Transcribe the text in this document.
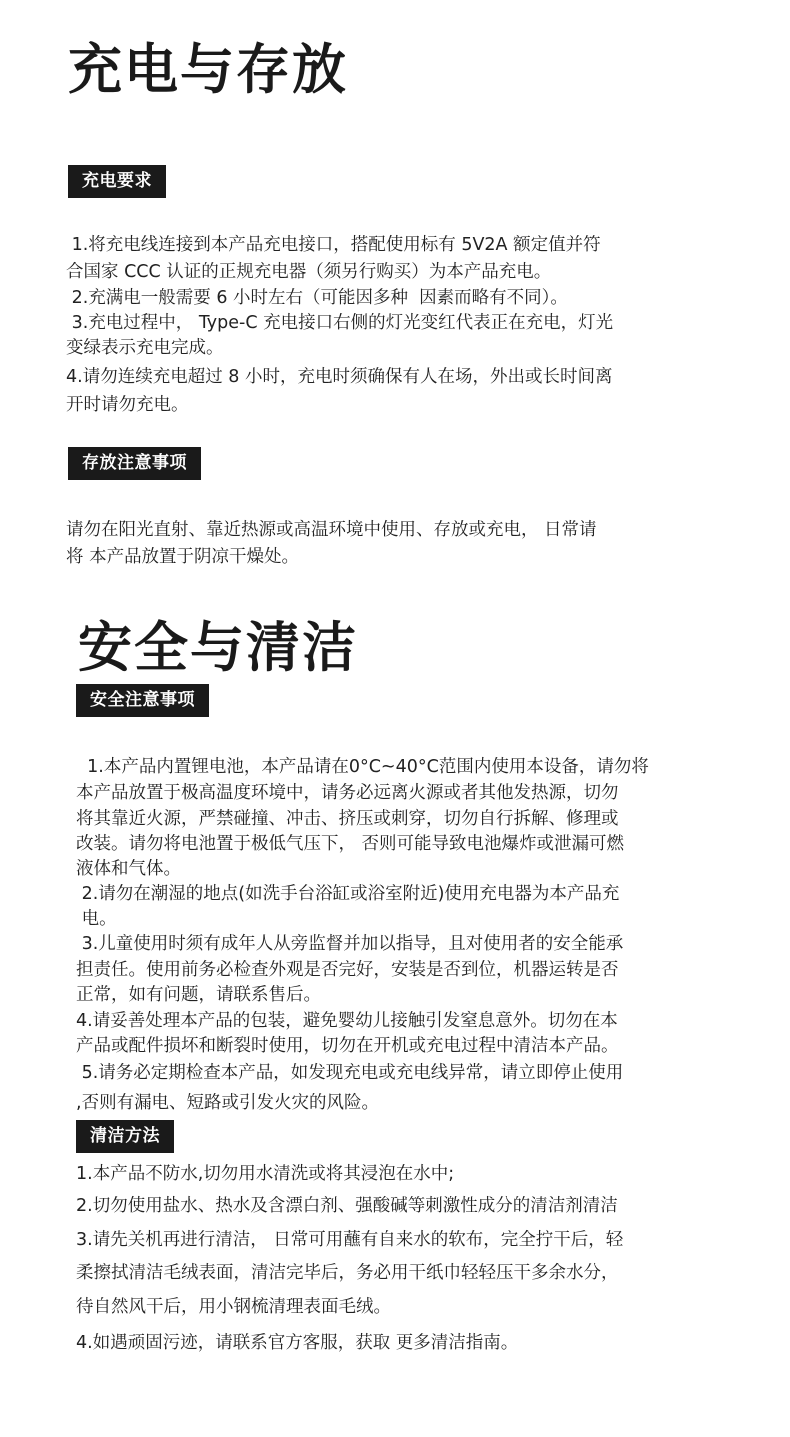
充电与存放
充电要求

1.将充电线连接到本产品充电接口，搭配使用标有 5V2A 额定值并符

合国家 CCC 认证的正规充电器（须另行购买）为本产品充电。

2.充满电一般需要 6 小时左右（可能因多种  因素而略有不同）。

3.充电过程中， Type-C 充电接口右侧的灯光变红代表正在充电，灯光

变绿表示充电完成。

4.请勿连续充电超过 8 小时，充电时须确保有人在场，外出或长时间离

开时请勿充电。

存放注意事项

请勿在阳光直射、靠近热源或高温环境中使用、存放或充电， 日常请

将 本产品放置于阴凉干燥处。

安全与清洁
安全注意事项

1.本产品内置锂电池，本产品请在0°C~40°C范围内使用本设备，请勿将

本产品放置于极高温度环境中，请务必远离火源或者其他发热源，切勿

将其靠近火源，严禁碰撞、冲击、挤压或刺穿，切勿自行拆解、修理或

改装。请勿将电池置于极低气压下， 否则可能导致电池爆炸或泄漏可燃

液体和气体。

2.请勿在潮湿的地点(如洗手台浴缸或浴室附近)使用充电器为本产品充

电。

3.儿童使用时须有成年人从旁监督并加以指导，且对使用者的安全能承

担责任。使用前务必检查外观是否完好，安装是否到位，机器运转是否

正常，如有问题，请联系售后。

4.请妥善处理本产品的包装，避免婴幼儿接触引发窒息意外。切勿在本

产品或配件损坏和断裂时使用，切勿在开机或充电过程中清洁本产品。

5.请务必定期检查本产品，如发现充电或充电线异常，请立即停止使用

,否则有漏电、短路或引发火灾的风险。

清洁方法

1.本产品不防水,切勿用水清洗或将其浸泡在水中;

2.切勿使用盐水、热水及含漂白剂、强酸碱等刺激性成分的清洁剂清洁

3.请先关机再进行清洁， 日常可用蘸有自来水的软布，完全拧干后，轻

柔擦拭清洁毛绒表面，清洁完毕后，务必用干纸巾轻轻压干多余水分，

待自然风干后，用小钢梳清理表面毛绒。

4.如遇顽固污迹，请联系官方客服，获取 更多清洁指南。
